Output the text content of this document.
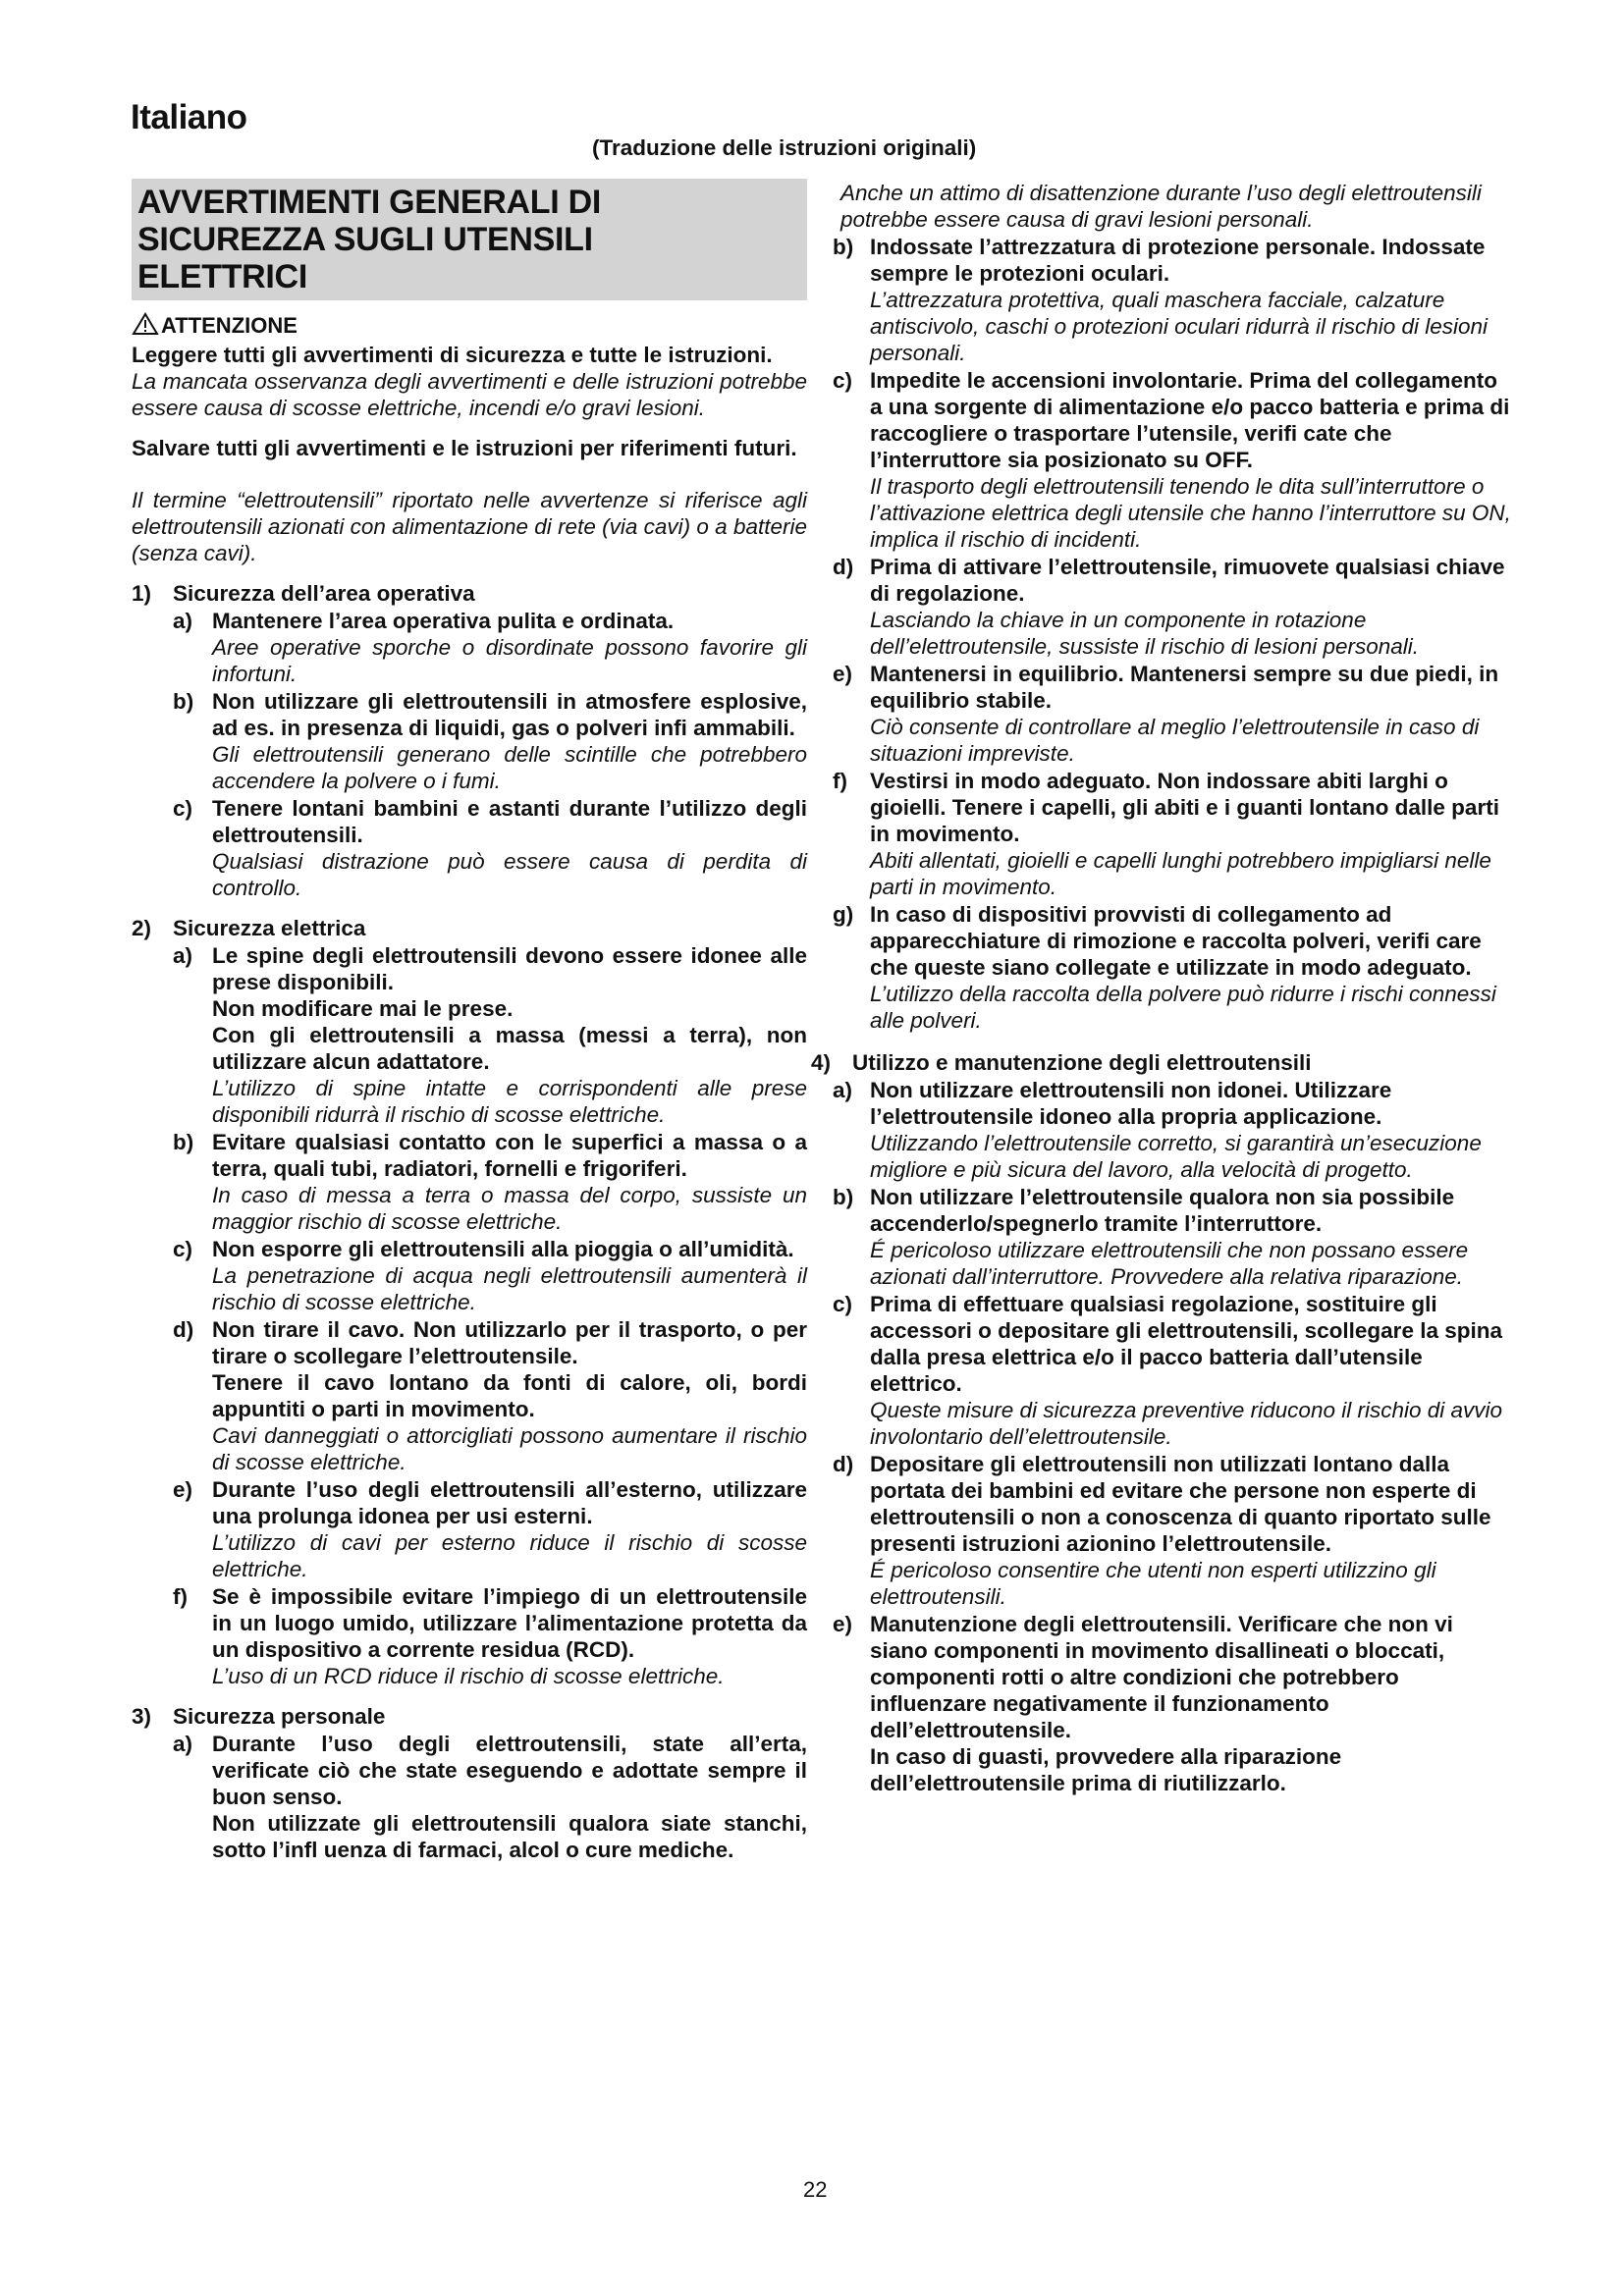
Italiano
(Traduzione delle istruzioni originali)
AVVERTIMENTI GENERALI DI
SICUREZZA SUGLI UTENSILI
ELETTRICI
ATTENZIONE

Leggere tutti gli avvertimenti di sicurezza e tutte le istruzioni.

La mancata osservanza degli avvertimenti e delle istruzioni potrebbe essere causa di scosse elettriche, incendi e/o gravi lesioni.

Salvare tutti gli avvertimenti e le istruzioni per riferimenti futuri.

Il termine “elettroutensili” riportato nelle avvertenze si riferisce agli elettroutensili azionati con alimentazione di rete (via cavi) o a batterie (senza cavi).

1) Sicurezza dell’area operativa
a) Mantenere l’area operativa pulita e ordinata.

Aree operative sporche o disordinate possono favorire gli infortuni.

b) Non utilizzare gli elettroutensili in atmosfere esplosive, ad es. in presenza di liquidi, gas o polveri infi ammabili.

Gli elettroutensili generano delle scintille che potrebbero accendere la polvere o i fumi.

c) Tenere lontani bambini e astanti durante l’utilizzo degli elettroutensili.

Qualsiasi distrazione può essere causa di perdita di controllo.

2) Sicurezza elettrica
a) Le spine degli elettroutensili devono essere idonee alle prese disponibili.

Non modificare mai le prese.

Con gli elettroutensili a massa (messi a terra), non utilizzare alcun adattatore.

L’utilizzo di spine intatte e corrispondenti alle prese disponibili ridurrà il rischio di scosse elettriche.

b) Evitare qualsiasi contatto con le superfici a massa o a terra, quali tubi, radiatori, fornelli e frigoriferi.

In caso di messa a terra o massa del corpo, sussiste un maggior rischio di scosse elettriche.

c) Non esporre gli elettroutensili alla pioggia o all’umidità.

La penetrazione di acqua negli elettroutensili aumenterà il rischio di scosse elettriche.

d) Non tirare il cavo. Non utilizzarlo per il trasporto, o per tirare o scollegare l’elettroutensile.

Tenere il cavo lontano da fonti di calore, oli, bordi appuntiti o parti in movimento.

Cavi danneggiati o attorcigliati possono aumentare il rischio di scosse elettriche.

e) Durante l’uso degli elettroutensili all’esterno, utilizzare una prolunga idonea per usi esterni.

L’utilizzo di cavi per esterno riduce il rischio di scosse elettriche.

f) Se è impossibile evitare l’impiego di un elettroutensile in un luogo umido, utilizzare l’alimentazione protetta da un dispositivo a corrente residua (RCD).

L’uso di un RCD riduce il rischio di scosse elettriche.

3) Sicurezza personale
a) Durante l’uso degli elettroutensili, state all’erta, verificate ciò che state eseguendo e adottate sempre il buon senso.

Non utilizzate gli elettroutensili qualora siate stanchi, sotto l’infl uenza di farmaci, alcol o cure mediche.

Anche un attimo di disattenzione durante l’uso degli elettroutensili potrebbe essere causa di gravi lesioni personali.

b) Indossate l’attrezzatura di protezione personale. Indossate sempre le protezioni oculari.

L’attrezzatura protettiva, quali maschera facciale, calzature antiscivolo, caschi o protezioni oculari ridurrà il rischio di lesioni personali.

c) Impedite le accensioni involontarie. Prima del collegamento a una sorgente di alimentazione e/o pacco batteria e prima di raccogliere o trasportare l’utensile, verifi cate che l’interruttore sia posizionato su OFF.

Il trasporto degli elettroutensili tenendo le dita sull’interruttore o l’attivazione elettrica degli utensile che hanno l’interruttore su ON, implica il rischio di incidenti.

d) Prima di attivare l’elettroutensile, rimuovete qualsiasi chiave di regolazione.

Lasciando la chiave in un componente in rotazione dell’elettroutensile, sussiste il rischio di lesioni personali.

e) Mantenersi in equilibrio. Mantenersi sempre su due piedi, in equilibrio stabile.

Ciò consente di controllare al meglio l’elettroutensile in caso di situazioni impreviste.

f) Vestirsi in modo adeguato. Non indossare abiti larghi o gioielli. Tenere i capelli, gli abiti e i guanti lontano dalle parti in movimento.

Abiti allentati, gioielli e capelli lunghi potrebbero impigliarsi nelle parti in movimento.

g) In caso di dispositivi provvisti di collegamento ad apparecchiature di rimozione e raccolta polveri, verifi care che queste siano collegate e utilizzate in modo adeguato.

L’utilizzo della raccolta della polvere può ridurre i rischi connessi alle polveri.

4) Utilizzo e manutenzione degli elettroutensili
a) Non utilizzare elettroutensili non idonei. Utilizzare l’elettroutensile idoneo alla propria applicazione.

Utilizzando l’elettroutensile corretto, si garantirà un’esecuzione migliore e più sicura del lavoro, alla velocità di progetto.

b) Non utilizzare l’elettroutensile qualora non sia possibile accenderlo/spegnerlo tramite l’interruttore.

É pericoloso utilizzare elettroutensili che non possano essere azionati dall’interruttore. Provvedere alla relativa riparazione.

c) Prima di effettuare qualsiasi regolazione, sostituire gli accessori o depositare gli elettroutensili, scollegare la spina dalla presa elettrica e/o il pacco batteria dall’utensile elettrico.

Queste misure di sicurezza preventive riducono il rischio di avvio involontario dell’elettroutensile.

d) Depositare gli elettroutensili non utilizzati lontano dalla portata dei bambini ed evitare che persone non esperte di elettroutensili o non a conoscenza di quanto riportato sulle presenti istruzioni azionino l’elettroutensile.

É pericoloso consentire che utenti non esperti utilizzino gli elettroutensili.

e) Manutenzione degli elettroutensili. Verificare che non vi siano componenti in movimento disallineati o bloccati, componenti rotti o altre condizioni che potrebbero influenzare negativamente il funzionamento dell’elettroutensile.

In caso di guasti, provvedere alla riparazione dell’elettroutensile prima di riutilizzarlo.

22
